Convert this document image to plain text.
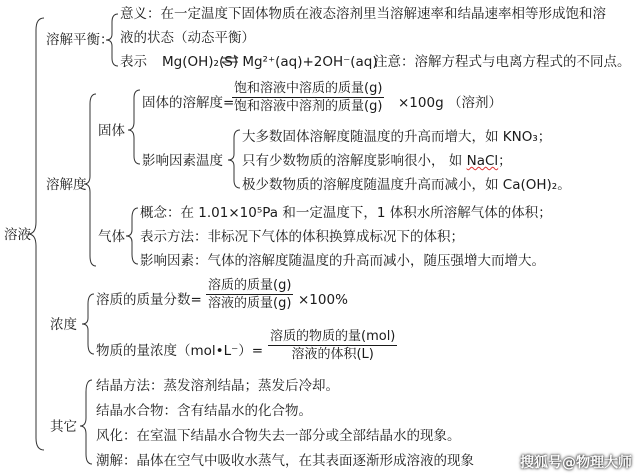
溶液
溶解平衡：
意义：在一定温度下固体物质在液态溶剂里当溶解速率和结晶速率相等形成饱和溶
液的状态（动态平衡）
表示 Mg(OH)₂(S) Mg²⁺(aq)+2OH⁻(aq)
注意：溶解方程式与电离方程式的不同点。
溶解度
固体
固体的溶解度=
饱和溶液中溶质的质量(g)
饱和溶液中溶剂的质量(g) ×100g （溶剂）
影响因素温度
大多数固体溶解度随温度的升高而增大，如 KNO₃；
只有少数物质的溶解度影响很小， 如 NaCl；
极少数物质的溶解度随温度升高而减小，如 Ca(OH)₂。
气体
概念：在 1.01×10⁵Pa 和一定温度下，1 体积水所溶解气体的体积；
表示方法：非标况下气体的体积换算成标况下的体积；
影响因素：气体的溶解度随温度的升高而减小，随压强增大而增大。
浓度
溶质的质量分数=
溶质的质量(g)
溶液的质量(g) ×100%
物质的量浓度（mol•L⁻）=
溶质的物质的量(mol)
溶液的体积(L)
其它
结晶方法：蒸发溶剂结晶；蒸发后冷却。
结晶水合物：含有结晶水的化合物。
风化：在室温下结晶水合物失去一部分或全部结晶水的现象。
潮解：晶体在空气中吸收水蒸气，在其表面逐渐形成溶液的现象	搜狐号@物理大师
